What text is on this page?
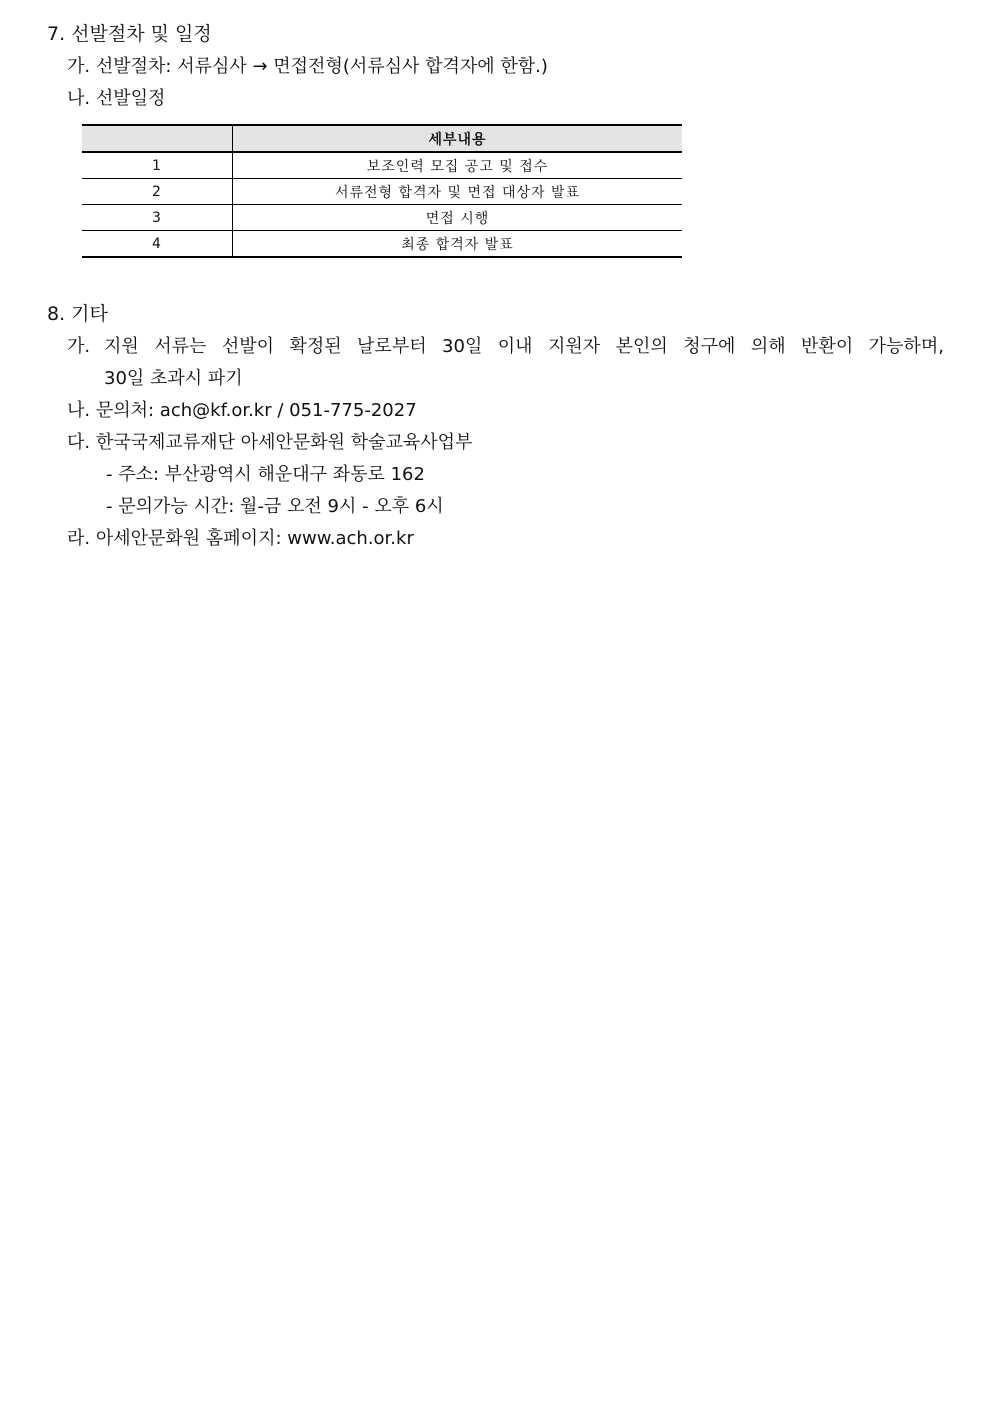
7. 선발절차 및 일정
가. 선발절차: 서류심사 → 면접전형(서류심사 합격자에 한함.)
나. 선발일정
	세부내용
1	보조인력 모집 공고 및 접수
2	서류전형 합격자 및 면접 대상자 발표
3	면접 시행
4	최종 합격자 발표
8. 기타
가. 지원 서류는 선발이 확정된 날로부터 30일 이내 지원자 본인의 청구에 의해 반환이 가능하며,
30일 초과시 파기
나. 문의처: ach@kf.or.kr / 051-775-2027
다. 한국국제교류재단 아세안문화원 학술교육사업부
- 주소: 부산광역시 해운대구 좌동로 162
- 문의가능 시간: 월-금 오전 9시 - 오후 6시
라. 아세안문화원 홈페이지: www.ach.or.kr
